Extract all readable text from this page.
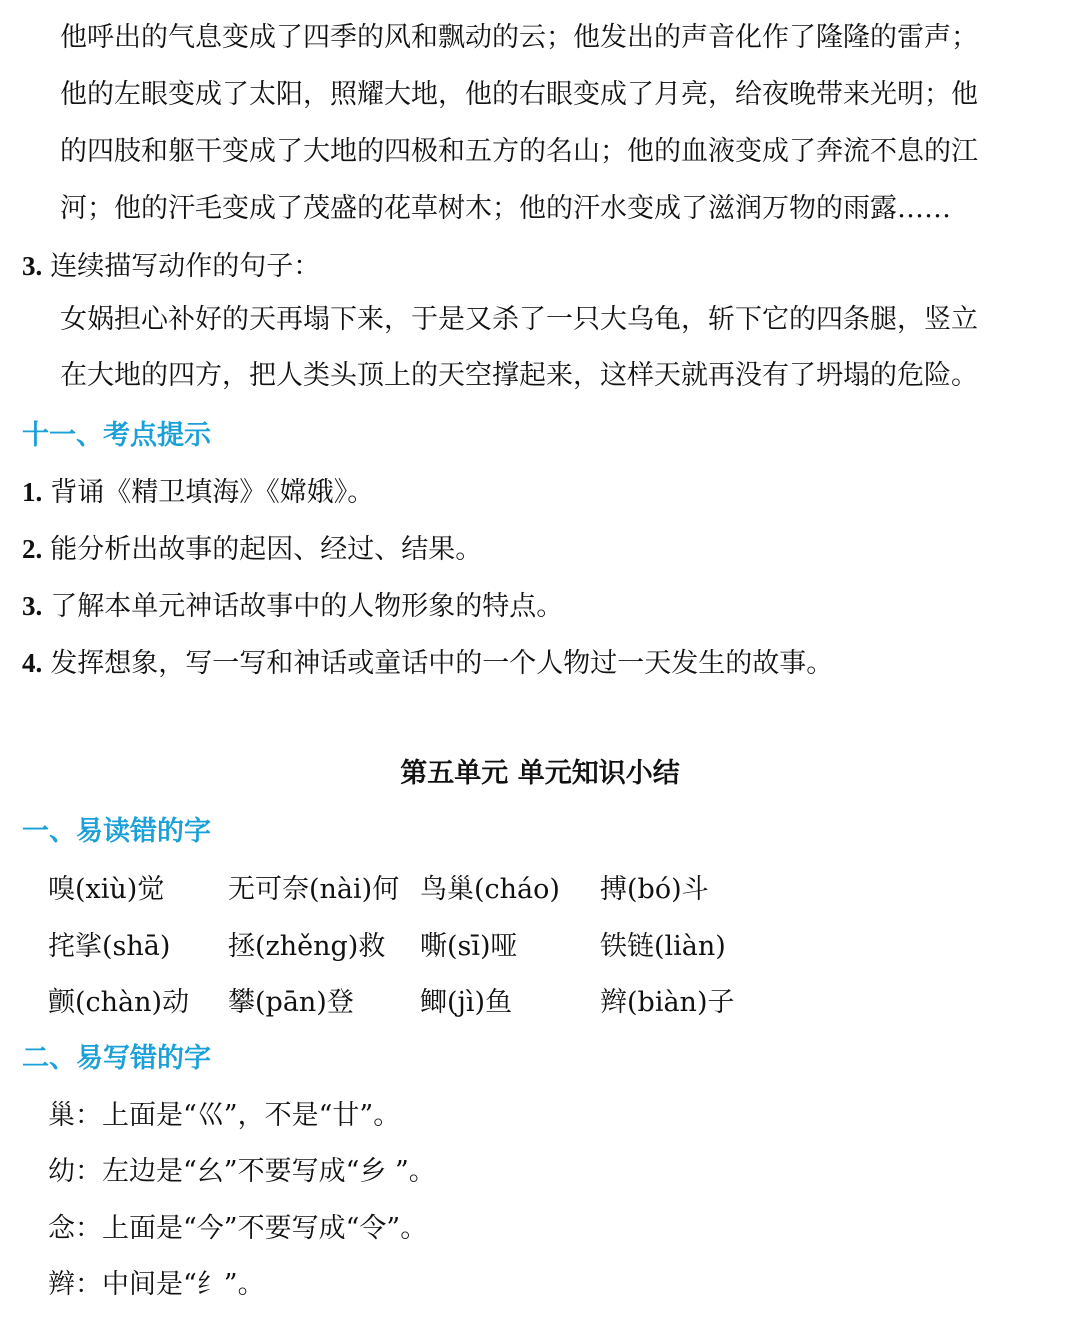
他呼出的气息变成了四季的风和飘动的云；他发出的声音化作了隆隆的雷声；
他的左眼变成了太阳，照耀大地，他的右眼变成了月亮，给夜晚带来光明；他
的四肢和躯干变成了大地的四极和五方的名山；他的血液变成了奔流不息的江
河；他的汗毛变成了茂盛的花草树木；他的汗水变成了滋润万物的雨露……
3. 连续描写动作的句子：
女娲担心补好的天再塌下来，于是又杀了一只大乌龟，斩下它的四条腿，竖立
在大地的四方，把人类头顶上的天空撑起来，这样天就再没有了坍塌的危险。
十一、考点提示
1. 背诵《精卫填海》《嫦娥》。
2. 能分析出故事的起因、经过、结果。
3. 了解本单元神话故事中的人物形象的特点。
4. 发挥想象，写一写和神话或童话中的一个人物过一天发生的故事。
第五单元 单元知识小结
一、易读错的字
嗅(xiù)觉 无可奈(nài)何 鸟巢(cháo) 搏(bó)斗
挓挲(shā) 拯(zhěng)救 嘶(sī)哑	铁链(liàn)
颤(chàn)动 攀(pān)登 鲫(jì)鱼	辫(biàn)子
二、易写错的字
巢：上面是“巛”，不是“廿”。
幼：左边是“幺”不要写成“乡 ”。
念：上面是“今”不要写成“令”。
辫：中间是“纟”。
